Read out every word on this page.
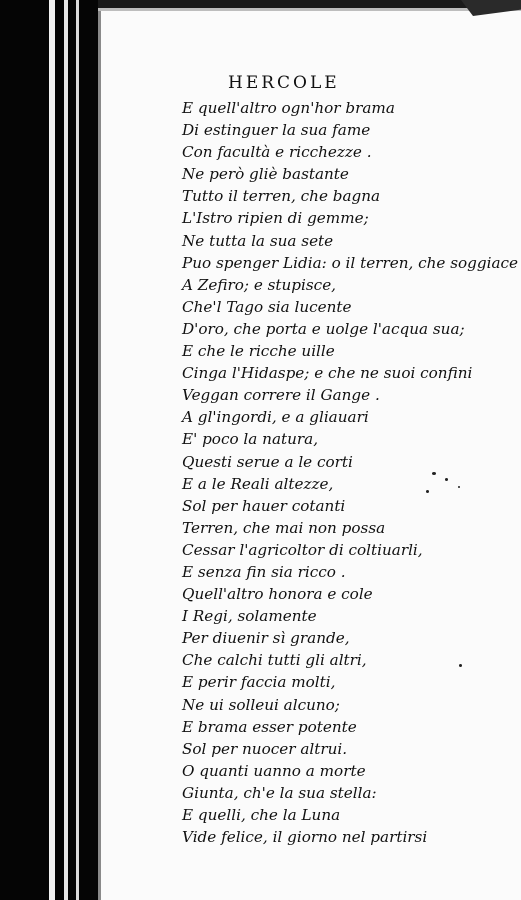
HERCOLE
E quell'altro ogn'hor brama
Di estinguer la sua fame
Con facultà e ricchezze .
Ne però gliè bastante
Tutto il terren, che bagna
L'Istro ripien di gemme;
Ne tutta la sua sete
Puo spenger Lidia: o il terren, che soggiace
A Zefiro; e stupisce,
Che'l Tago sia lucente
D'oro, che porta e uolge l'acqua sua;
E che le ricche uille
Cinga l'Hidaspe; e che ne suoi confini
Veggan correre il Gange .
A gl'ingordi, e a gliauari
E' poco la natura,
Questi serue a le corti
E a le Reali altezze,
Sol per hauer cotanti
Terren, che mai non possa
Cessar l'agricoltor di coltiuarli,
E senza fin sia ricco .
Quell'altro honora e cole
I Regi, solamente
Per diuenir sì grande,
Che calchi tutti gli altri,
E perir faccia molti,
Ne ui solleui alcuno;
E brama esser potente
Sol per nuocer altrui.
O quanti uanno a morte
Giunta, ch'e la sua stella:
E quelli, che la Luna
Vide felice, il giorno nel partirsi
